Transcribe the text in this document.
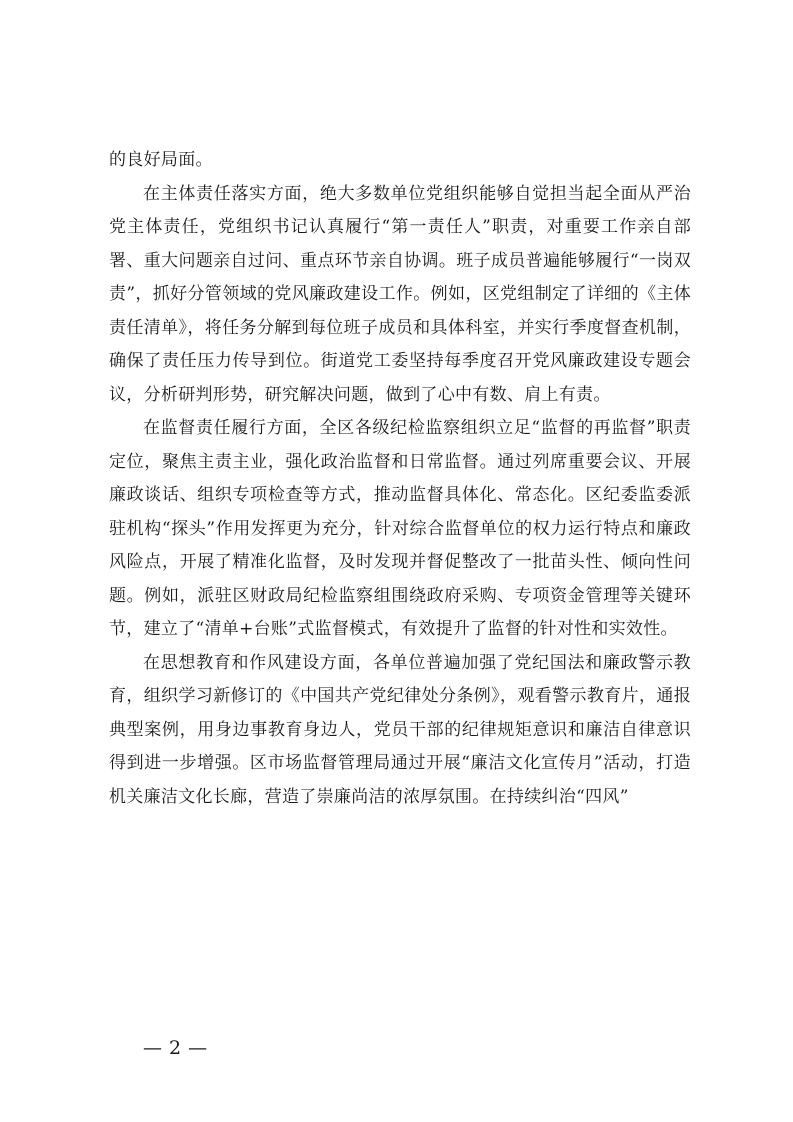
的良好局面。

在主体责任落实方面，绝大多数单位党组织能够自觉担当起全面从严治党主体责任，党组织书记认真履行“第一责任人”职责，对重要工作亲自部署、重大问题亲自过问、重点环节亲自协调。班子成员普遍能够履行“一岗双责”，抓好分管领域的党风廉政建设工作。例如，区党组制定了详细的《主体责任清单》，将任务分解到每位班子成员和具体科室，并实行季度督查机制，确保了责任压力传导到位。街道党工委坚持每季度召开党风廉政建设专题会议，分析研判形势，研究解决问题，做到了心中有数、肩上有责。

在监督责任履行方面，全区各级纪检监察组织立足“监督的再监督”职责定位，聚焦主责主业，强化政治监督和日常监督。通过列席重要会议、开展廉政谈话、组织专项检查等方式，推动监督具体化、常态化。区纪委监委派驻机构“探头”作用发挥更为充分，针对综合监督单位的权力运行特点和廉政风险点，开展了精准化监督，及时发现并督促整改了一批苗头性、倾向性问题。例如，派驻区财政局纪检监察组围绕政府采购、专项资金管理等关键环节，建立了“清单+台账”式监督模式，有效提升了监督的针对性和实效性。

在思想教育和作风建设方面，各单位普遍加强了党纪国法和廉政警示教育，组织学习新修订的《中国共产党纪律处分条例》，观看警示教育片，通报典型案例，用身边事教育身边人，党员干部的纪律规矩意识和廉洁自律意识得到进一步增强。区市场监督管理局通过开展“廉洁文化宣传月”活动，打造机关廉洁文化长廊，营造了崇廉尚洁的浓厚氛围。在持续纠治“四风”

— 2 —
